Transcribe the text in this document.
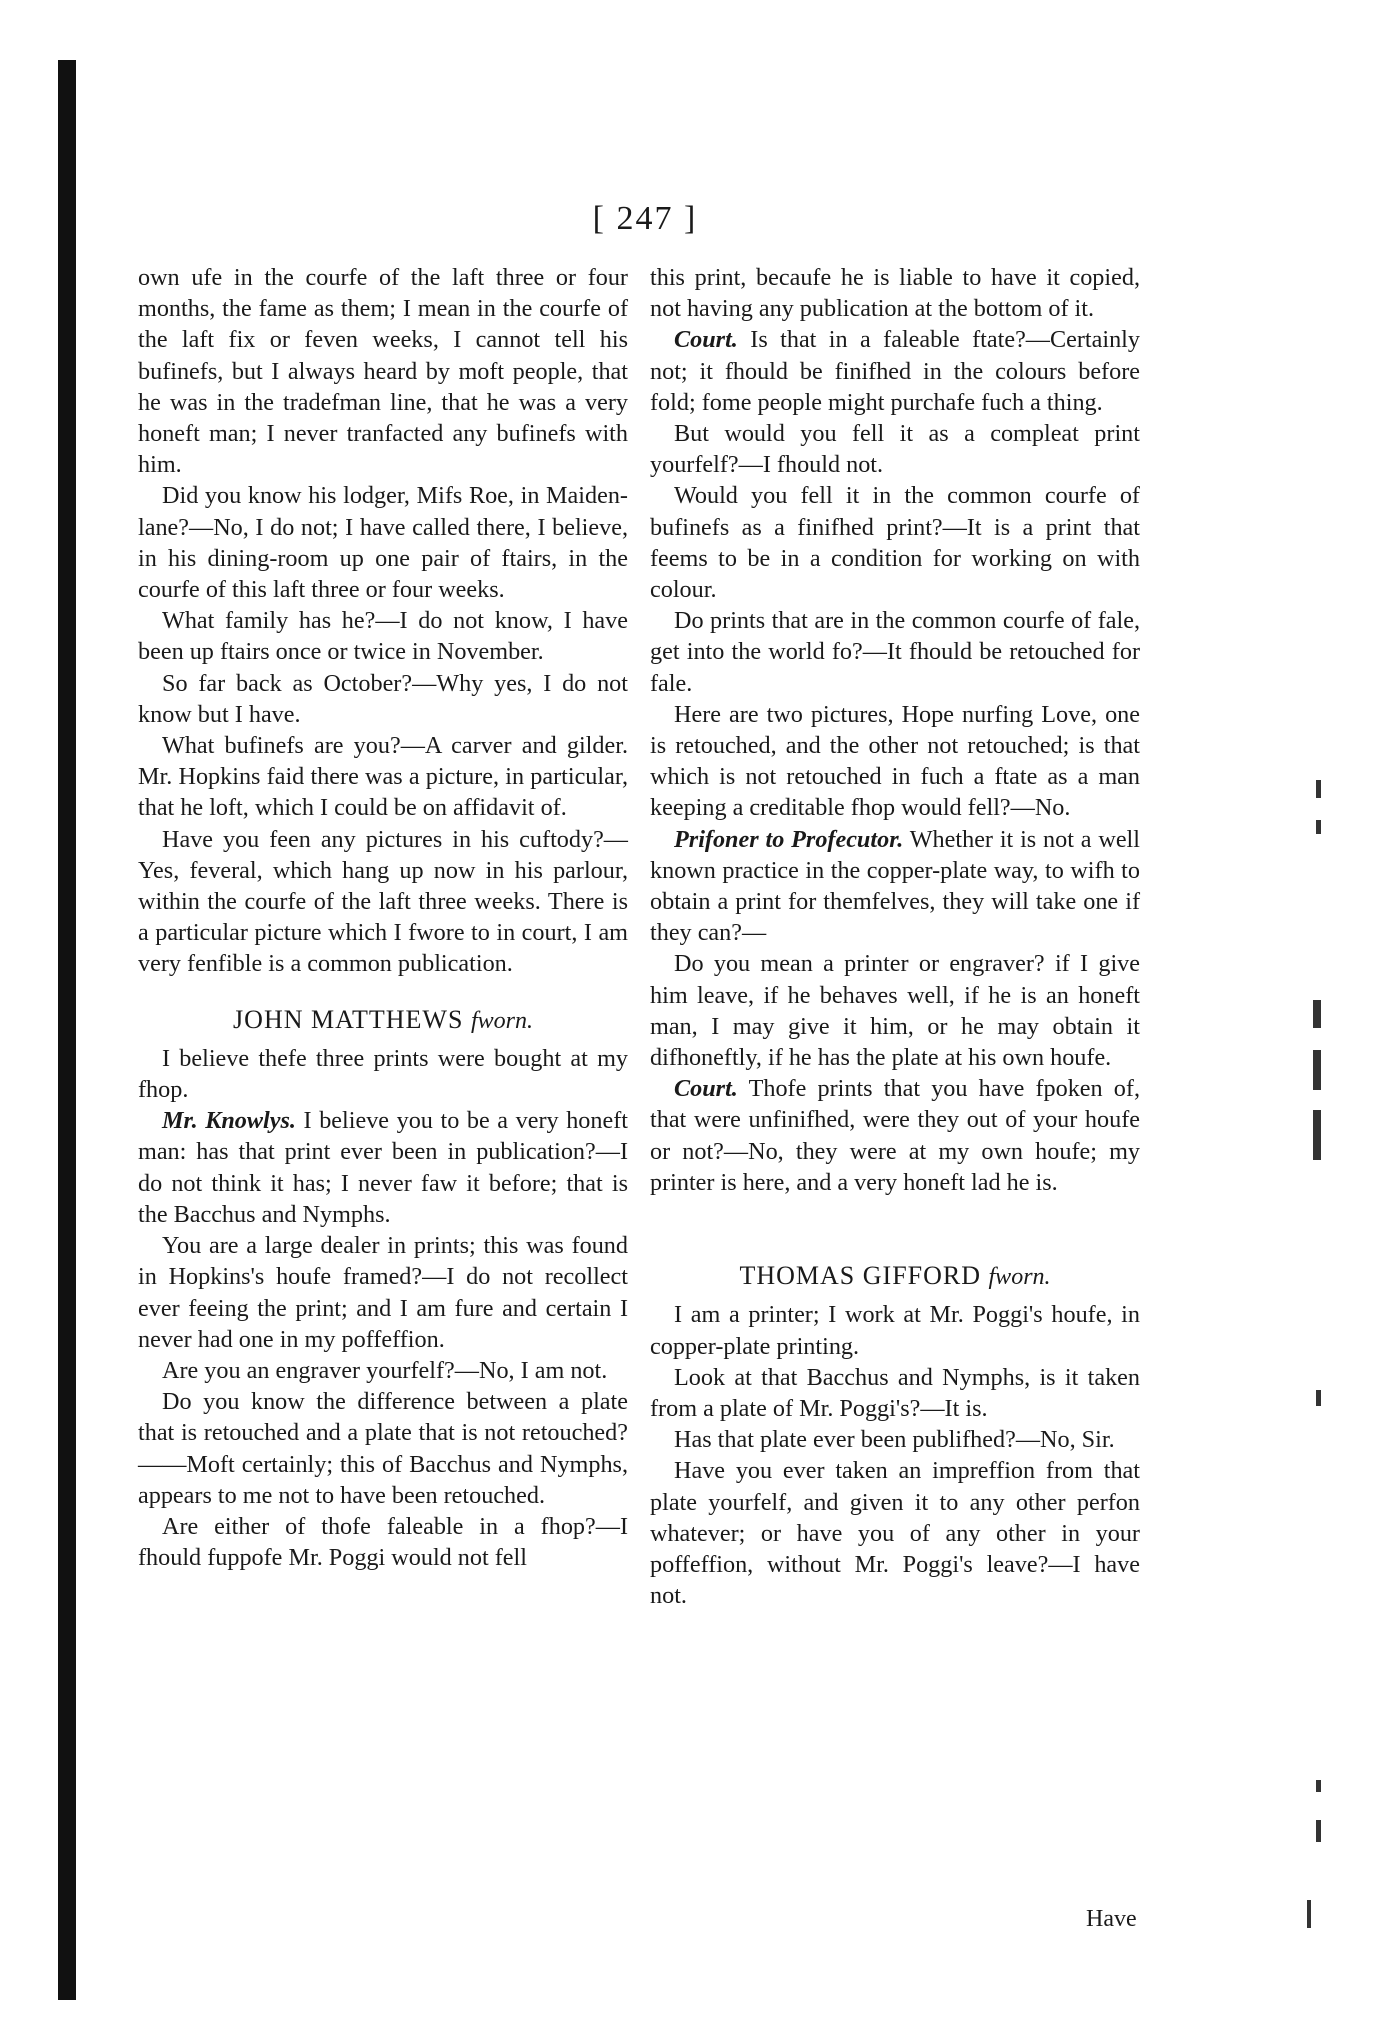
[ 247 ]

own ufe in the courfe of the laft three or four months, the fame as them; I mean in the courfe of the laft fix or feven weeks, I cannot tell his bufinefs, but I always heard by moft people, that he was in the tradefman line, that he was a very honeft man; I never tranfacted any bufinefs with him.

Did you know his lodger, Mifs Roe, in Maiden-lane?—No, I do not; I have called there, I believe, in his dining-room up one pair of ftairs, in the courfe of this laft three or four weeks.

What family has he?—I do not know, I have been up ftairs once or twice in November.

So far back as October?—Why yes, I do not know but I have.

What bufinefs are you?—A carver and gilder. Mr. Hopkins faid there was a picture, in particular, that he loft, which I could be on affidavit of.

Have you feen any pictures in his cuftody?—Yes, feveral, which hang up now in his parlour, within the courfe of the laft three weeks. There is a particular picture which I fwore to in court, I am very fenfible is a common publication.

JOHN MATTHEWS fworn.

I believe thefe three prints were bought at my fhop.

Mr. Knowlys. I believe you to be a very honeft man: has that print ever been in publication?—I do not think it has; I never faw it before; that is the Bacchus and Nymphs.

You are a large dealer in prints; this was found in Hopkins's houfe framed?—I do not recollect ever feeing the print; and I am fure and certain I never had one in my poffeffion.

Are you an engraver yourfelf?—No, I am not.

Do you know the difference between a plate that is retouched and a plate that is not retouched?——Moft certainly; this of Bacchus and Nymphs, appears to me not to have been retouched.

Are either of thofe faleable in a fhop?—I fhould fuppofe Mr. Poggi would not fell

this print, becaufe he is liable to have it copied, not having any publication at the bottom of it.

Court. Is that in a faleable ftate?—Certainly not; it fhould be finifhed in the colours before fold; fome people might purchafe fuch a thing.

But would you fell it as a compleat print yourfelf?—I fhould not.

Would you fell it in the common courfe of bufinefs as a finifhed print?—It is a print that feems to be in a condition for working on with colour.

Do prints that are in the common courfe of fale, get into the world fo?—It fhould be retouched for fale.

Here are two pictures, Hope nurfing Love, one is retouched, and the other not retouched; is that which is not retouched in fuch a ftate as a man keeping a creditable fhop would fell?—No.

Prifoner to Profecutor. Whether it is not a well known practice in the copper-plate way, to wifh to obtain a print for themfelves, they will take one if they can?—

Do you mean a printer or engraver? if I give him leave, if he behaves well, if he is an honeft man, I may give it him, or he may obtain it difhoneftly, if he has the plate at his own houfe.

Court. Thofe prints that you have fpoken of, that were unfinifhed, were they out of your houfe or not?—No, they were at my own houfe; my printer is here, and a very honeft lad he is.

THOMAS GIFFORD fworn.

I am a printer; I work at Mr. Poggi's houfe, in copper-plate printing.

Look at that Bacchus and Nymphs, is it taken from a plate of Mr. Poggi's?—It is.

Has that plate ever been publifhed?—No, Sir.

Have you ever taken an impreffion from that plate yourfelf, and given it to any other perfon whatever; or have you of any other in your poffeffion, without Mr. Poggi's leave?—I have not.

Have
